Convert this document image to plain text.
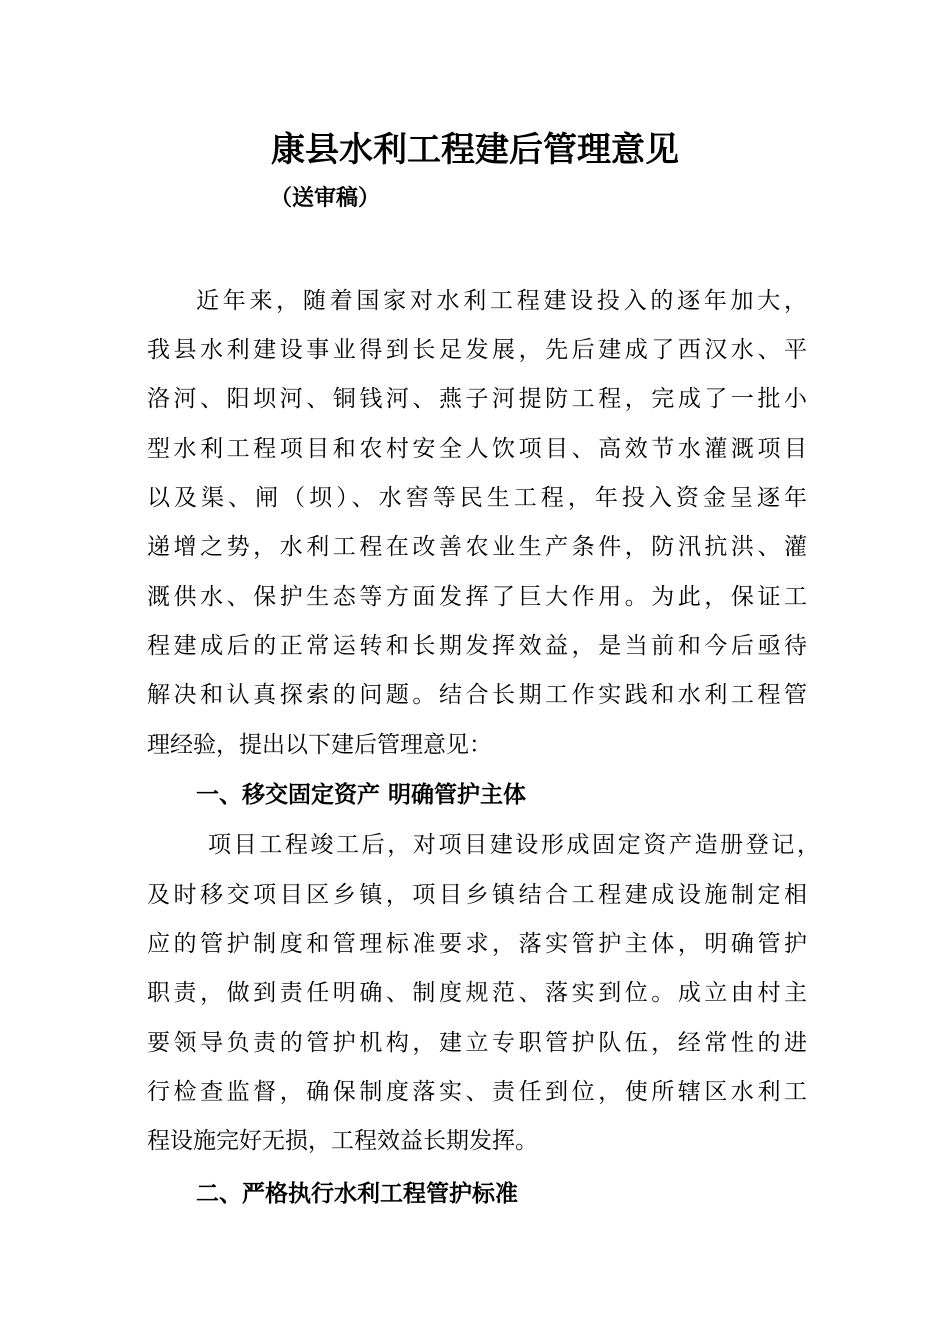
康县水利工程建后管理意见

（送审稿）

近年来，随着国家对水利工程建设投入的逐年加大，

我县水利建设事业得到长足发展，先后建成了西汉水、平

洛河、阳坝河、铜钱河、燕子河提防工程，完成了一批小

型水利工程项目和农村安全人饮项目、高效节水灌溉项目

以及渠、闸（坝）、水窖等民生工程，年投入资金呈逐年

递增之势，水利工程在改善农业生产条件，防汛抗洪、灌

溉供水、保护生态等方面发挥了巨大作用。为此，保证工

程建成后的正常运转和长期发挥效益，是当前和今后亟待

解决和认真探索的问题。结合长期工作实践和水利工程管

理经验，提出以下建后管理意见：

一、移交固定资产 明确管护主体

项目工程竣工后，对项目建设形成固定资产造册登记，

及时移交项目区乡镇，项目乡镇结合工程建成设施制定相

应的管护制度和管理标准要求，落实管护主体，明确管护

职责，做到责任明确、制度规范、落实到位。成立由村主

要领导负责的管护机构，建立专职管护队伍，经常性的进

行检查监督，确保制度落实、责任到位，使所辖区水利工

程设施完好无损，工程效益长期发挥。

二、严格执行水利工程管护标准
